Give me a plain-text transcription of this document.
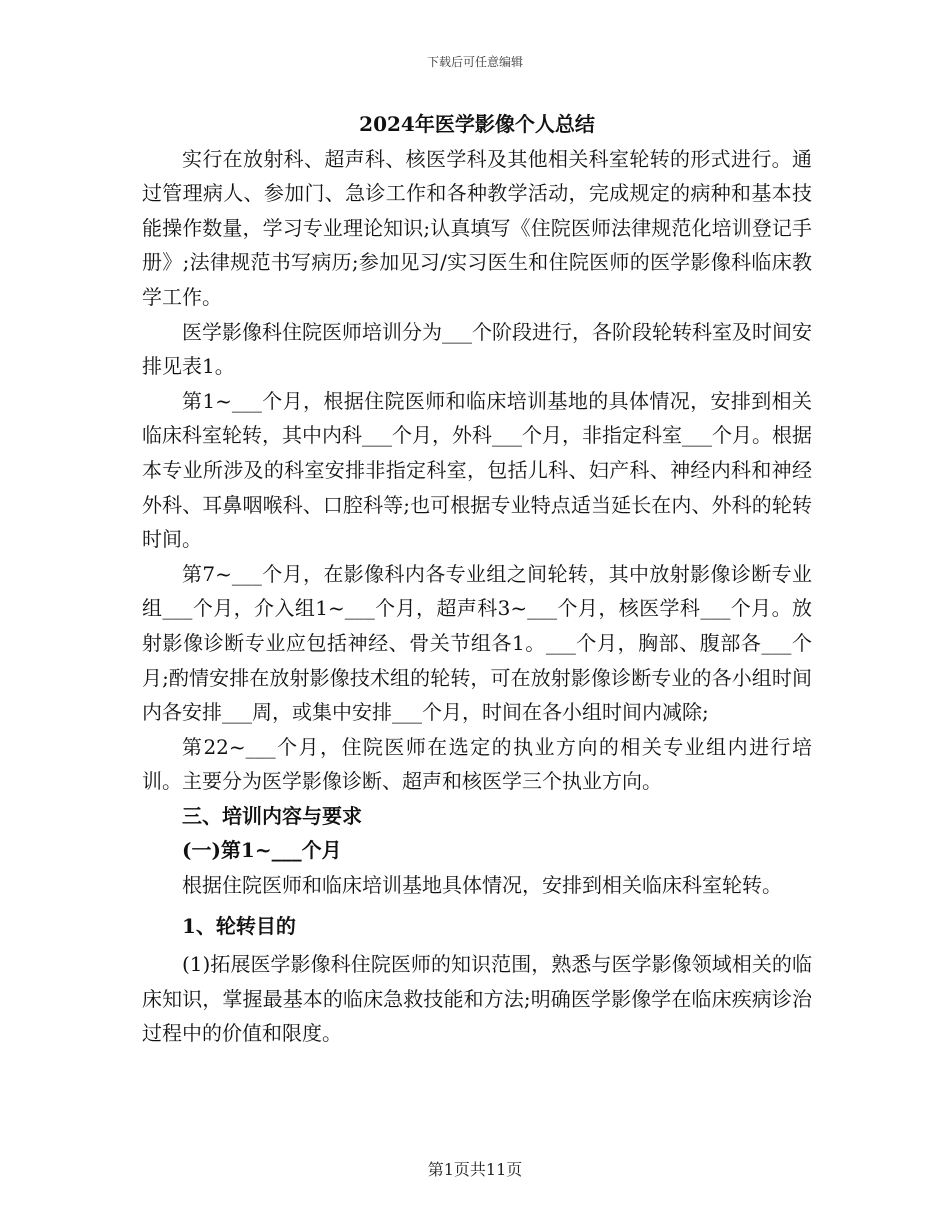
下载后可任意编辑
2024年医学影像个人总结

实行在放射科、超声科、核医学科及其他相关科室轮转的形式进行。通过管理病人、参加门、急诊工作和各种教学活动，完成规定的病种和基本技能操作数量，学习专业理论知识;认真填写《住院医师法律规范化培训登记手册》;法律规范书写病历;参加见习/实习医生和住院医师的医学影像科临床教学工作。

医学影像科住院医师培训分为___个阶段进行，各阶段轮转科室及时间安排见表1。

第1~___个月，根据住院医师和临床培训基地的具体情况，安排到相关临床科室轮转，其中内科___个月，外科___个月，非指定科室___个月。根据本专业所涉及的科室安排非指定科室，包括儿科、妇产科、神经内科和神经外科、耳鼻咽喉科、口腔科等;也可根据专业特点适当延长在内、外科的轮转时间。

第7~___个月，在影像科内各专业组之间轮转，其中放射影像诊断专业组___个月，介入组1~___个月，超声科3~___个月，核医学科___个月。放射影像诊断专业应包括神经、骨关节组各1。___个月，胸部、腹部各___个月;酌情安排在放射影像技术组的轮转，可在放射影像诊断专业的各小组时间内各安排___周，或集中安排___个月，时间在各小组时间内减除;

第22~___个月，住院医师在选定的执业方向的相关专业组内进行培训。主要分为医学影像诊断、超声和核医学三个执业方向。

三、培训内容与要求

(一)第1~___个月

根据住院医师和临床培训基地具体情况，安排到相关临床科室轮转。

1、轮转目的

(1)拓展医学影像科住院医师的知识范围，熟悉与医学影像领域相关的临床知识，掌握最基本的临床急救技能和方法;明确医学影像学在临床疾病诊治过程中的价值和限度。

第1页共11页
